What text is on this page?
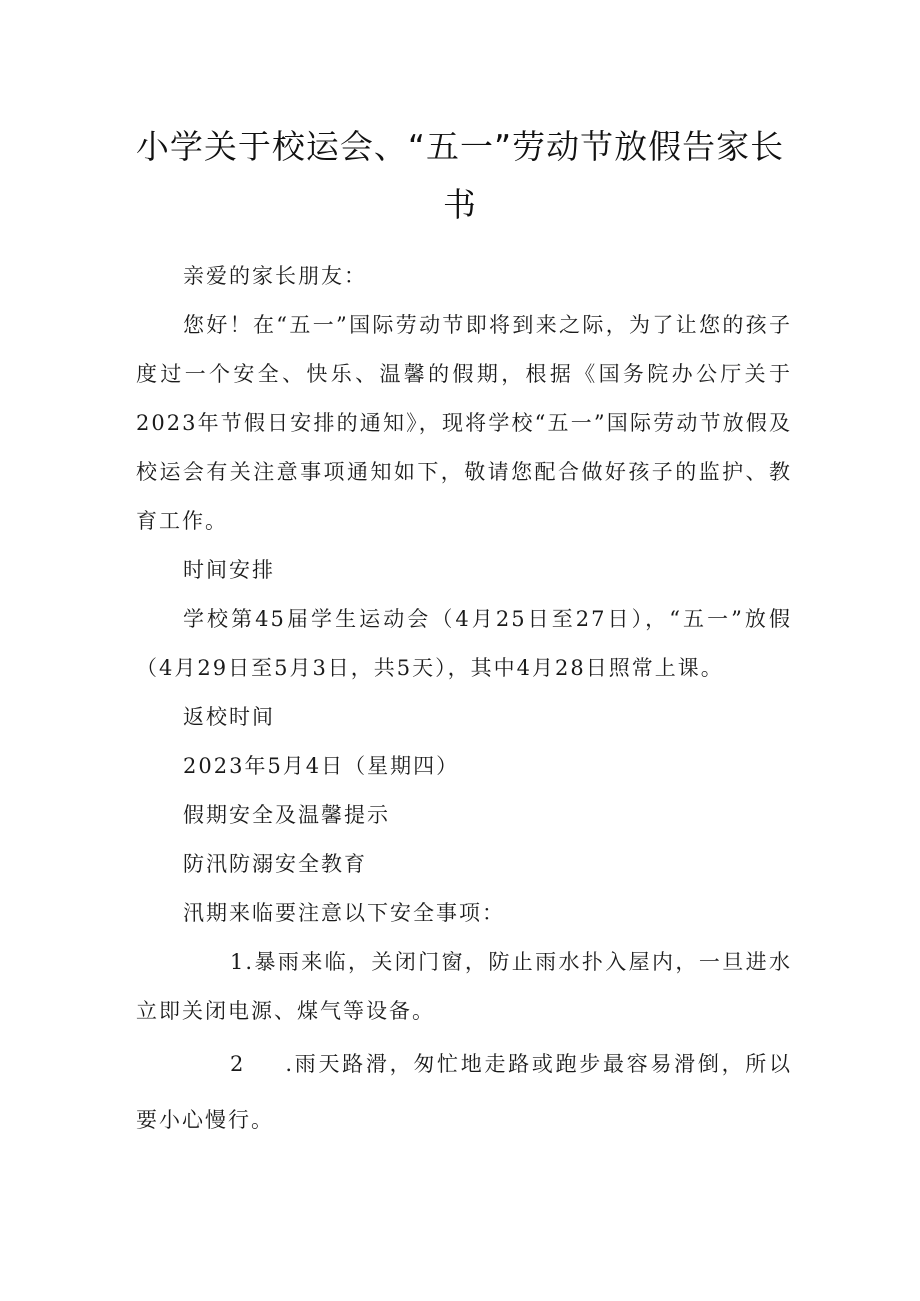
小学关于校运会、“五一”劳动节放假告家长书

亲爱的家长朋友：

您好！在“五一”国际劳动节即将到来之际，为了让您的孩子度过一个安全、快乐、温馨的假期，根据《国务院办公厅关于2023年节假日安排的通知》，现将学校“五一”国际劳动节放假及校运会有关注意事项通知如下，敬请您配合做好孩子的监护、教育工作。

时间安排

学校第45届学生运动会（4月25日至27日），“五一”放假（4月29日至5月3日，共5天），其中4月28日照常上课。

返校时间

2023年5月4日（星期四）

假期安全及温馨提示

防汛防溺安全教育

汛期来临要注意以下安全事项：

1.暴雨来临，关闭门窗，防止雨水扑入屋内，一旦进水立即关闭电源、煤气等设备。

2 .雨天路滑，匆忙地走路或跑步最容易滑倒，所以要小心慢行。
